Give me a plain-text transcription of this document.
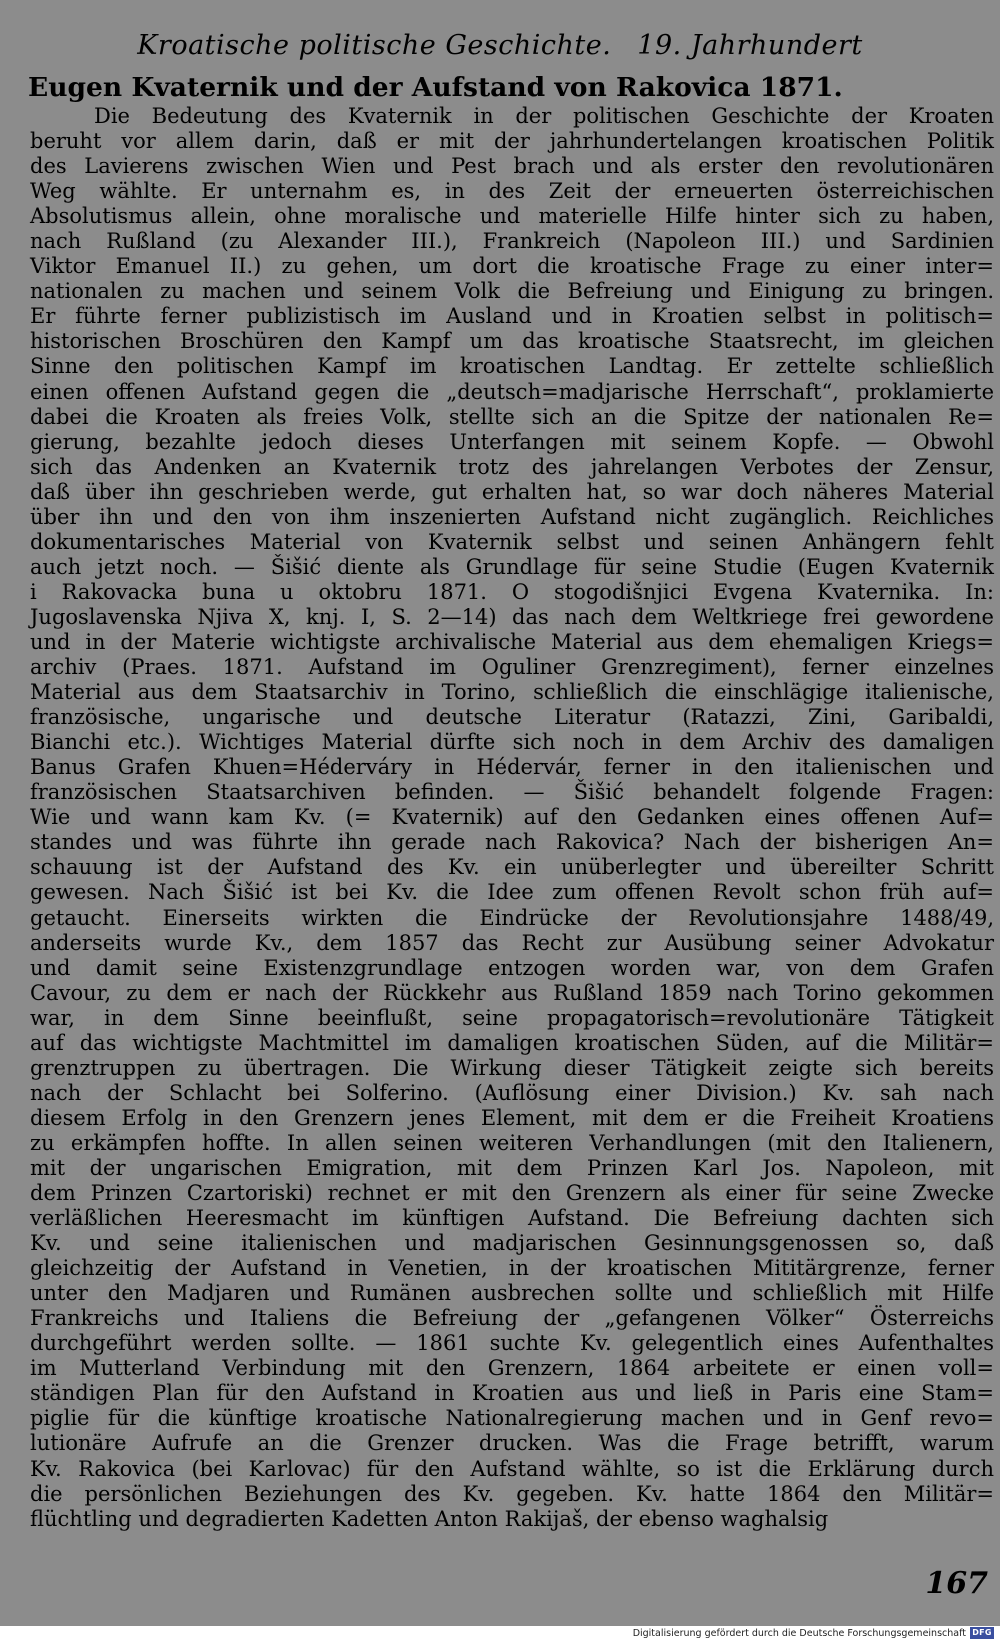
Kroatische politische Geschichte. 19. Jahrhundert
Eugen Kvaternik und der Aufstand von Rakovica 1871.
Die Bedeutung des Kvaternik in der politischen Geschichte der Kroaten
beruht vor allem darin, daß er mit der jahrhundertelangen kroatischen Politik
des Lavierens zwischen Wien und Pest brach und als erster den revolutionären
Weg wählte. Er unternahm es, in des Zeit der erneuerten österreichischen
Absolutismus allein, ohne moralische und materielle Hilfe hinter sich zu haben,
nach Rußland (zu Alexander III.), Frankreich (Napoleon III.) und Sardinien
Viktor Emanuel II.) zu gehen, um dort die kroatische Frage zu einer inter=
nationalen zu machen und seinem Volk die Befreiung und Einigung zu bringen.
Er führte ferner publizistisch im Ausland und in Kroatien selbst in politisch=
historischen Broschüren den Kampf um das kroatische Staatsrecht, im gleichen
Sinne den politischen Kampf im kroatischen Landtag. Er zettelte schließlich
einen offenen Aufstand gegen die „deutsch=madjarische Herrschaft“, proklamierte
dabei die Kroaten als freies Volk, stellte sich an die Spitze der nationalen Re=
gierung, bezahlte jedoch dieses Unterfangen mit seinem Kopfe. — Obwohl
sich das Andenken an Kvaternik trotz des jahrelangen Verbotes der Zensur,
daß über ihn geschrieben werde, gut erhalten hat, so war doch näheres Material
über ihn und den von ihm inszenierten Aufstand nicht zugänglich. Reichliches
dokumentarisches Material von Kvaternik selbst und seinen Anhängern fehlt
auch jetzt noch. — Šišić diente als Grundlage für seine Studie (Eugen Kvaternik
i Rakovacka buna u oktobru 1871. O stogodišnjici Evgena Kvaternika. In:
Jugoslavenska Njiva X, knj. I, S. 2—14) das nach dem Weltkriege frei gewordene
und in der Materie wichtigste archivalische Material aus dem ehemaligen Kriegs=
archiv (Praes. 1871. Aufstand im Oguliner Grenzregiment), ferner einzelnes
Material aus dem Staatsarchiv in Torino, schließlich die einschlägige italienische,
französische, ungarische und deutsche Literatur (Ratazzi, Zini, Garibaldi,
Bianchi etc.). Wichtiges Material dürfte sich noch in dem Archiv des damaligen
Banus Grafen Khuen=Héderváry in Hédervár, ferner in den italienischen und
französischen Staatsarchiven befinden. — Šišić behandelt folgende Fragen:
Wie und wann kam Kv. (= Kvaternik) auf den Gedanken eines offenen Auf=
standes und was führte ihn gerade nach Rakovica? Nach der bisherigen An=
schauung ist der Aufstand des Kv. ein unüberlegter und übereilter Schritt
gewesen. Nach Šišić ist bei Kv. die Idee zum offenen Revolt schon früh auf=
getaucht. Einerseits wirkten die Eindrücke der Revolutionsjahre 1488/49,
anderseits wurde Kv., dem 1857 das Recht zur Ausübung seiner Advokatur
und damit seine Existenzgrundlage entzogen worden war, von dem Grafen
Cavour, zu dem er nach der Rückkehr aus Rußland 1859 nach Torino gekommen
war, in dem Sinne beeinflußt, seine propagatorisch=revolutionäre Tätigkeit
auf das wichtigste Machtmittel im damaligen kroatischen Süden, auf die Militär=
grenztruppen zu übertragen. Die Wirkung dieser Tätigkeit zeigte sich bereits
nach der Schlacht bei Solferino. (Auflösung einer Division.) Kv. sah nach
diesem Erfolg in den Grenzern jenes Element, mit dem er die Freiheit Kroatiens
zu erkämpfen hoffte. In allen seinen weiteren Verhandlungen (mit den Italienern,
mit der ungarischen Emigration, mit dem Prinzen Karl Jos. Napoleon, mit
dem Prinzen Czartoriski) rechnet er mit den Grenzern als einer für seine Zwecke
verläßlichen Heeresmacht im künftigen Aufstand. Die Befreiung dachten sich
Kv. und seine italienischen und madjarischen Gesinnungsgenossen so, daß
gleichzeitig der Aufstand in Venetien, in der kroatischen Mititärgrenze, ferner
unter den Madjaren und Rumänen ausbrechen sollte und schließlich mit Hilfe
Frankreichs und Italiens die Befreiung der „gefangenen Völker“ Österreichs
durchgeführt werden sollte. — 1861 suchte Kv. gelegentlich eines Aufenthaltes
im Mutterland Verbindung mit den Grenzern, 1864 arbeitete er einen voll=
ständigen Plan für den Aufstand in Kroatien aus und ließ in Paris eine Stam=
piglie für die künftige kroatische Nationalregierung machen und in Genf revo=
lutionäre Aufrufe an die Grenzer drucken. Was die Frage betrifft, warum
Kv. Rakovica (bei Karlovac) für den Aufstand wählte, so ist die Erklärung durch
die persönlichen Beziehungen des Kv. gegeben. Kv. hatte 1864 den Militär=
flüchtling und degradierten Kadetten Anton Rakijaš, der ebenso waghalsig
167
Digitalisierung gefördert durch die Deutsche Forschungsgemeinschaft DFG
